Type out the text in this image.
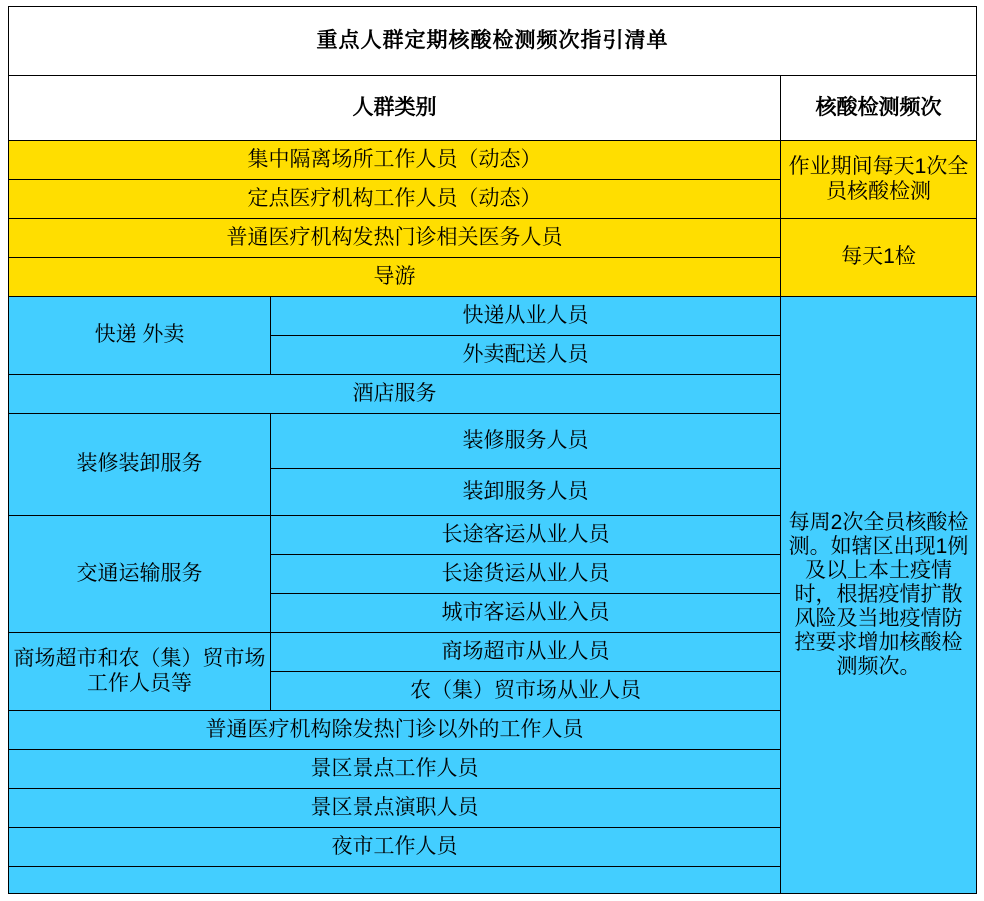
重点人群定期核酸检测频次指引清单		
人群类别		核酸检测频次
集中隔离场所工作人员（动态）		作业期间每天1次全员核酸检测
定点医疗机构工作人员（动态）		
普通医疗机构发热门诊相关医务人员		每天1检
导游		
快递 外卖	快递从业人员	每周2次全员核酸检测。如辖区出现1例及以上本土疫情时，根据疫情扩散风险及当地疫情防控要求增加核酸检测频次。
	外卖配送人员	
酒店服务		
装修装卸服务	装修服务人员	
	装卸服务人员	
交通运输服务	长途客运从业人员	
	长途货运从业人员	
	城市客运从业入员	
商场超市和农（集）贸市场工作人员等	商场超市从业人员	
	农（集）贸市场从业人员	
普通医疗机构除发热门诊以外的工作人员		
景区景点工作人员		
景区景点演职人员		
夜市工作人员		
